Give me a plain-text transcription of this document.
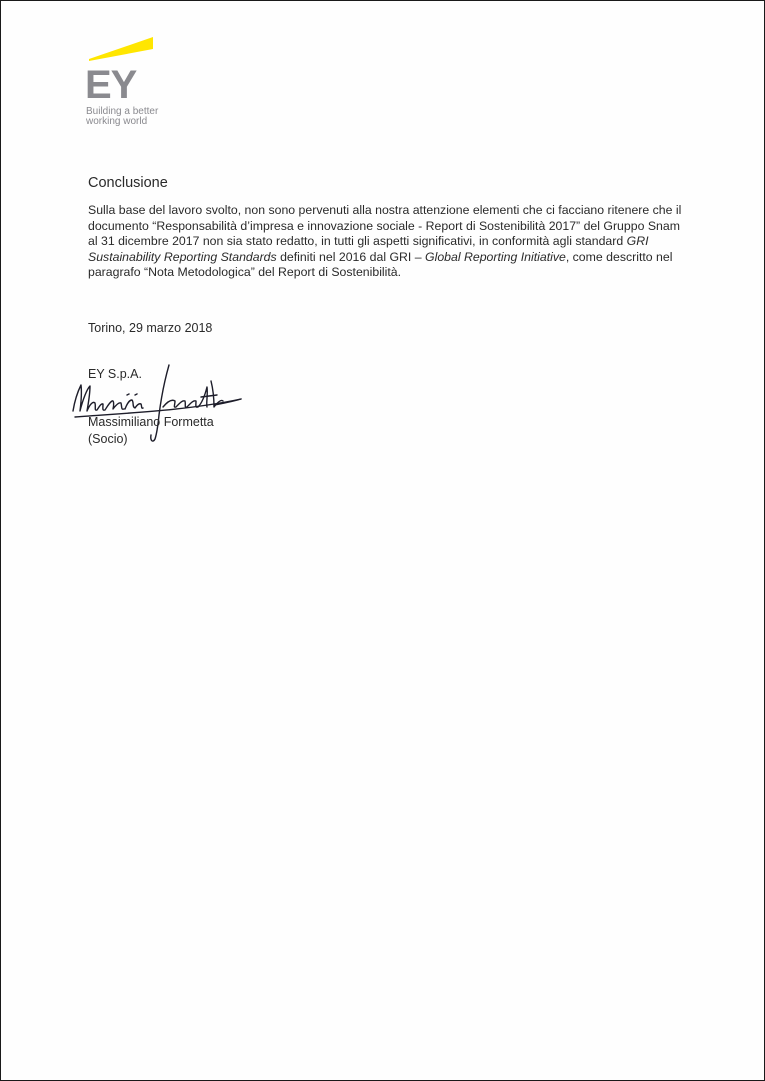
EY
Building a better
working world
Conclusione

Sulla base del lavoro svolto, non sono pervenuti alla nostra attenzione elementi che ci facciano ritenere che il documento “Responsabilità d’impresa e innovazione sociale - Report di Sostenibilità 2017” del Gruppo Snam al 31 dicembre 2017 non sia stato redatto, in tutti gli aspetti significativi, in conformità agli standard GRI Sustainability Reporting Standards definiti nel 2016 dal GRI – Global Reporting Initiative, come descritto nel paragrafo “Nota Metodologica” del Report di Sostenibilità.

Torino, 29 marzo 2018
EY S.p.A.
Massimiliano Formetta
(Socio)
